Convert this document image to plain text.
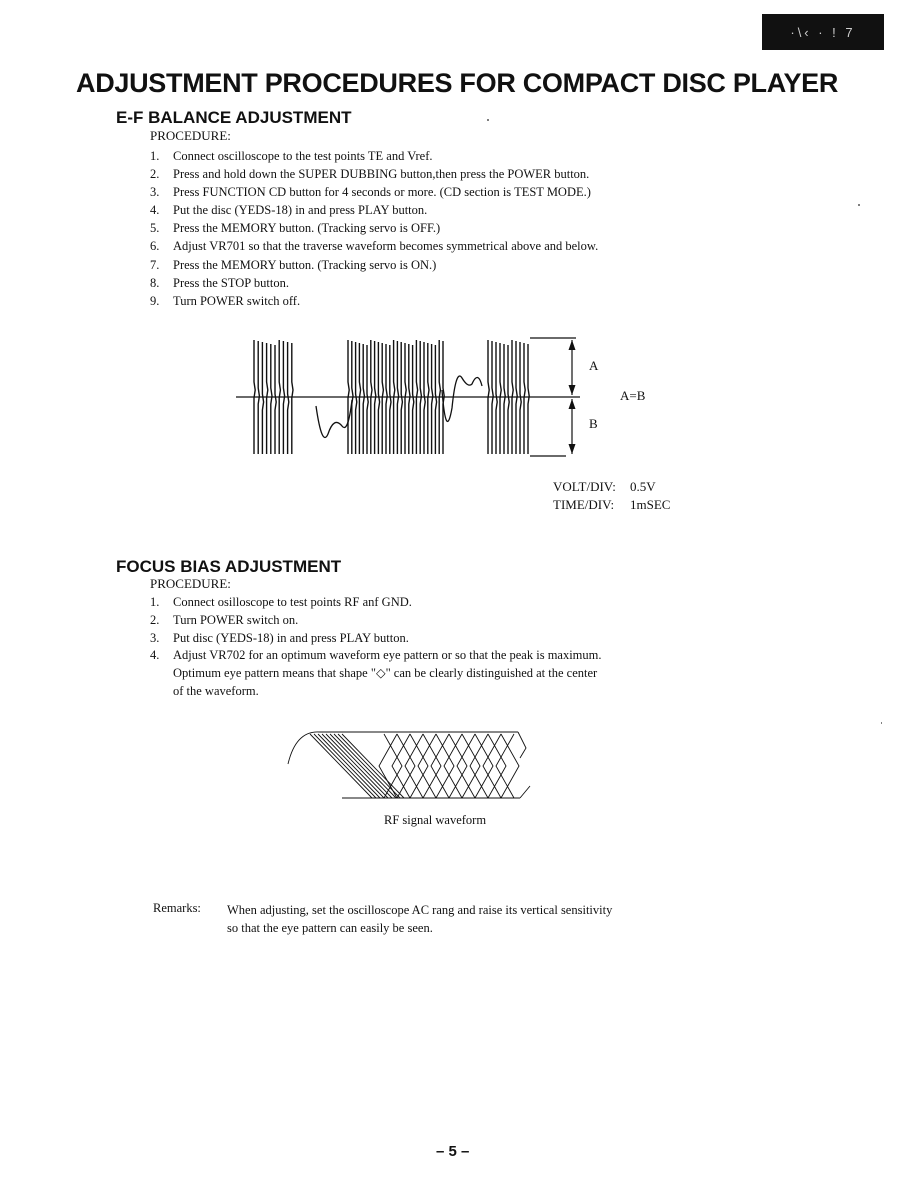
·\‹ · ! 7
ADJUSTMENT PROCEDURES FOR COMPACT DISC PLAYER
E-F BALANCE ADJUSTMENT
PROCEDURE:
1.	Connect oscilloscope to the test points TE and Vref.
2.	Press and hold down the SUPER DUBBING button,then press the POWER button.
3.	Press FUNCTION CD button for 4 seconds or more. (CD section is TEST MODE.)
4.	Put the disc (YEDS-18) in and press PLAY button.
5.	Press the MEMORY button. (Tracking servo is OFF.)
6.	Adjust VR701 so that the traverse waveform becomes symmetrical above and below.
7.	Press the MEMORY button. (Tracking servo is ON.)
8.	Press the STOP button.
9.	Turn POWER switch off.
A
B
A=B
VOLT/DIV: 0.5V
TIME/DIV: 1mSEC
FOCUS BIAS ADJUSTMENT
PROCEDURE:
1.	Connect osilloscope to test points RF anf GND.
2.	Turn POWER switch on.
3.	Put disc (YEDS-18) in and press PLAY button.
4.	Adjust VR702 for an optimum waveform eye pattern or so that the peak is maximum.
Optimum eye pattern means that shape "◇" can be clearly distinguished at the center
of the waveform.
RF signal waveform
Remarks: When adjusting, set the oscilloscope AC rang and raise its vertical sensitivity
so that the eye pattern can easily be seen.
– 5 –
